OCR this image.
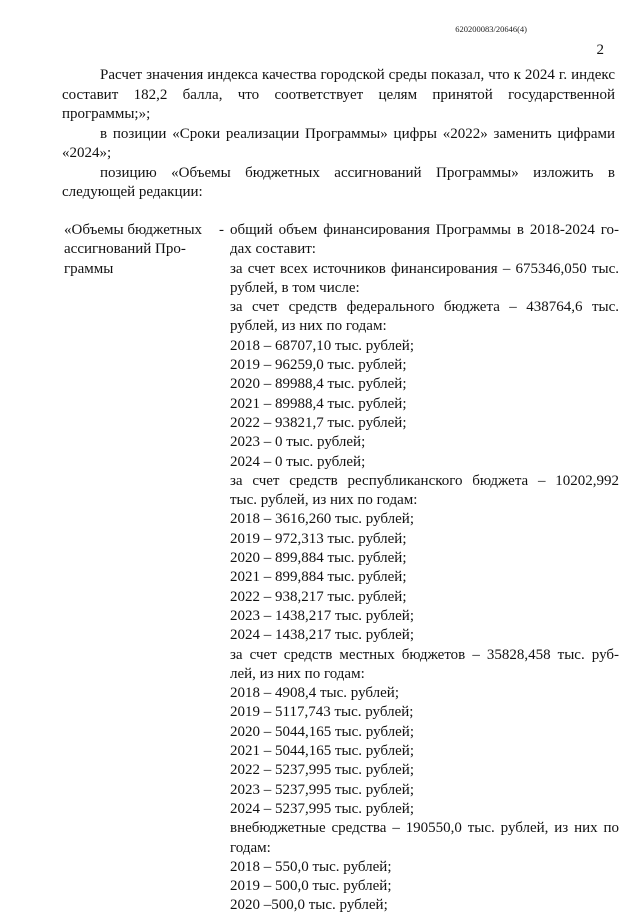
620200083/20646(4)
2

Расчет значения индекса качества городской среды показал, что к 2024 г. индекс составит 182,2 балла, что соответствует целям принятой государственной программы;»;

в позиции «Сроки реализации Программы» цифры «2022» заменить цифрами «2024»;

позицию «Объемы бюджетных ассигнований Программы» изложить в следующей редакции:

«Объемы бюджетных
ассигнований Про-
граммы
- общий объем финансирования Программы в 2018-2024 го-
дах составит:
за счет всех источников финансирования – 675346,050 тыс.
рублей, в том числе:
за счет средств федерального бюджета – 438764,6 тыс.
рублей, из них по годам:
2018 – 68707,10 тыс. рублей;
2019 – 96259,0 тыс. рублей;
2020 – 89988,4 тыс. рублей;
2021 – 89988,4 тыс. рублей;
2022 – 93821,7 тыс. рублей;
2023 – 0 тыс. рублей;
2024 – 0 тыс. рублей;
за счет средств республиканского бюджета – 10202,992
тыс. рублей, из них по годам:
2018 – 3616,260 тыс. рублей;
2019 – 972,313 тыс. рублей;
2020 – 899,884 тыс. рублей;
2021 – 899,884 тыс. рублей;
2022 – 938,217 тыс. рублей;
2023 – 1438,217 тыс. рублей;
2024 – 1438,217 тыс. рублей;
за счет средств местных бюджетов – 35828,458 тыс. руб-
лей, из них по годам:
2018 – 4908,4 тыс. рублей;
2019 – 5117,743 тыс. рублей;
2020 – 5044,165 тыс. рублей;
2021 – 5044,165 тыс. рублей;
2022 – 5237,995 тыс. рублей;
2023 – 5237,995 тыс. рублей;
2024 – 5237,995 тыс. рублей;
внебюджетные средства – 190550,0 тыс. рублей, из них по
годам:
2018 – 550,0 тыс. рублей;
2019 – 500,0 тыс. рублей;
2020 –500,0 тыс. рублей;
